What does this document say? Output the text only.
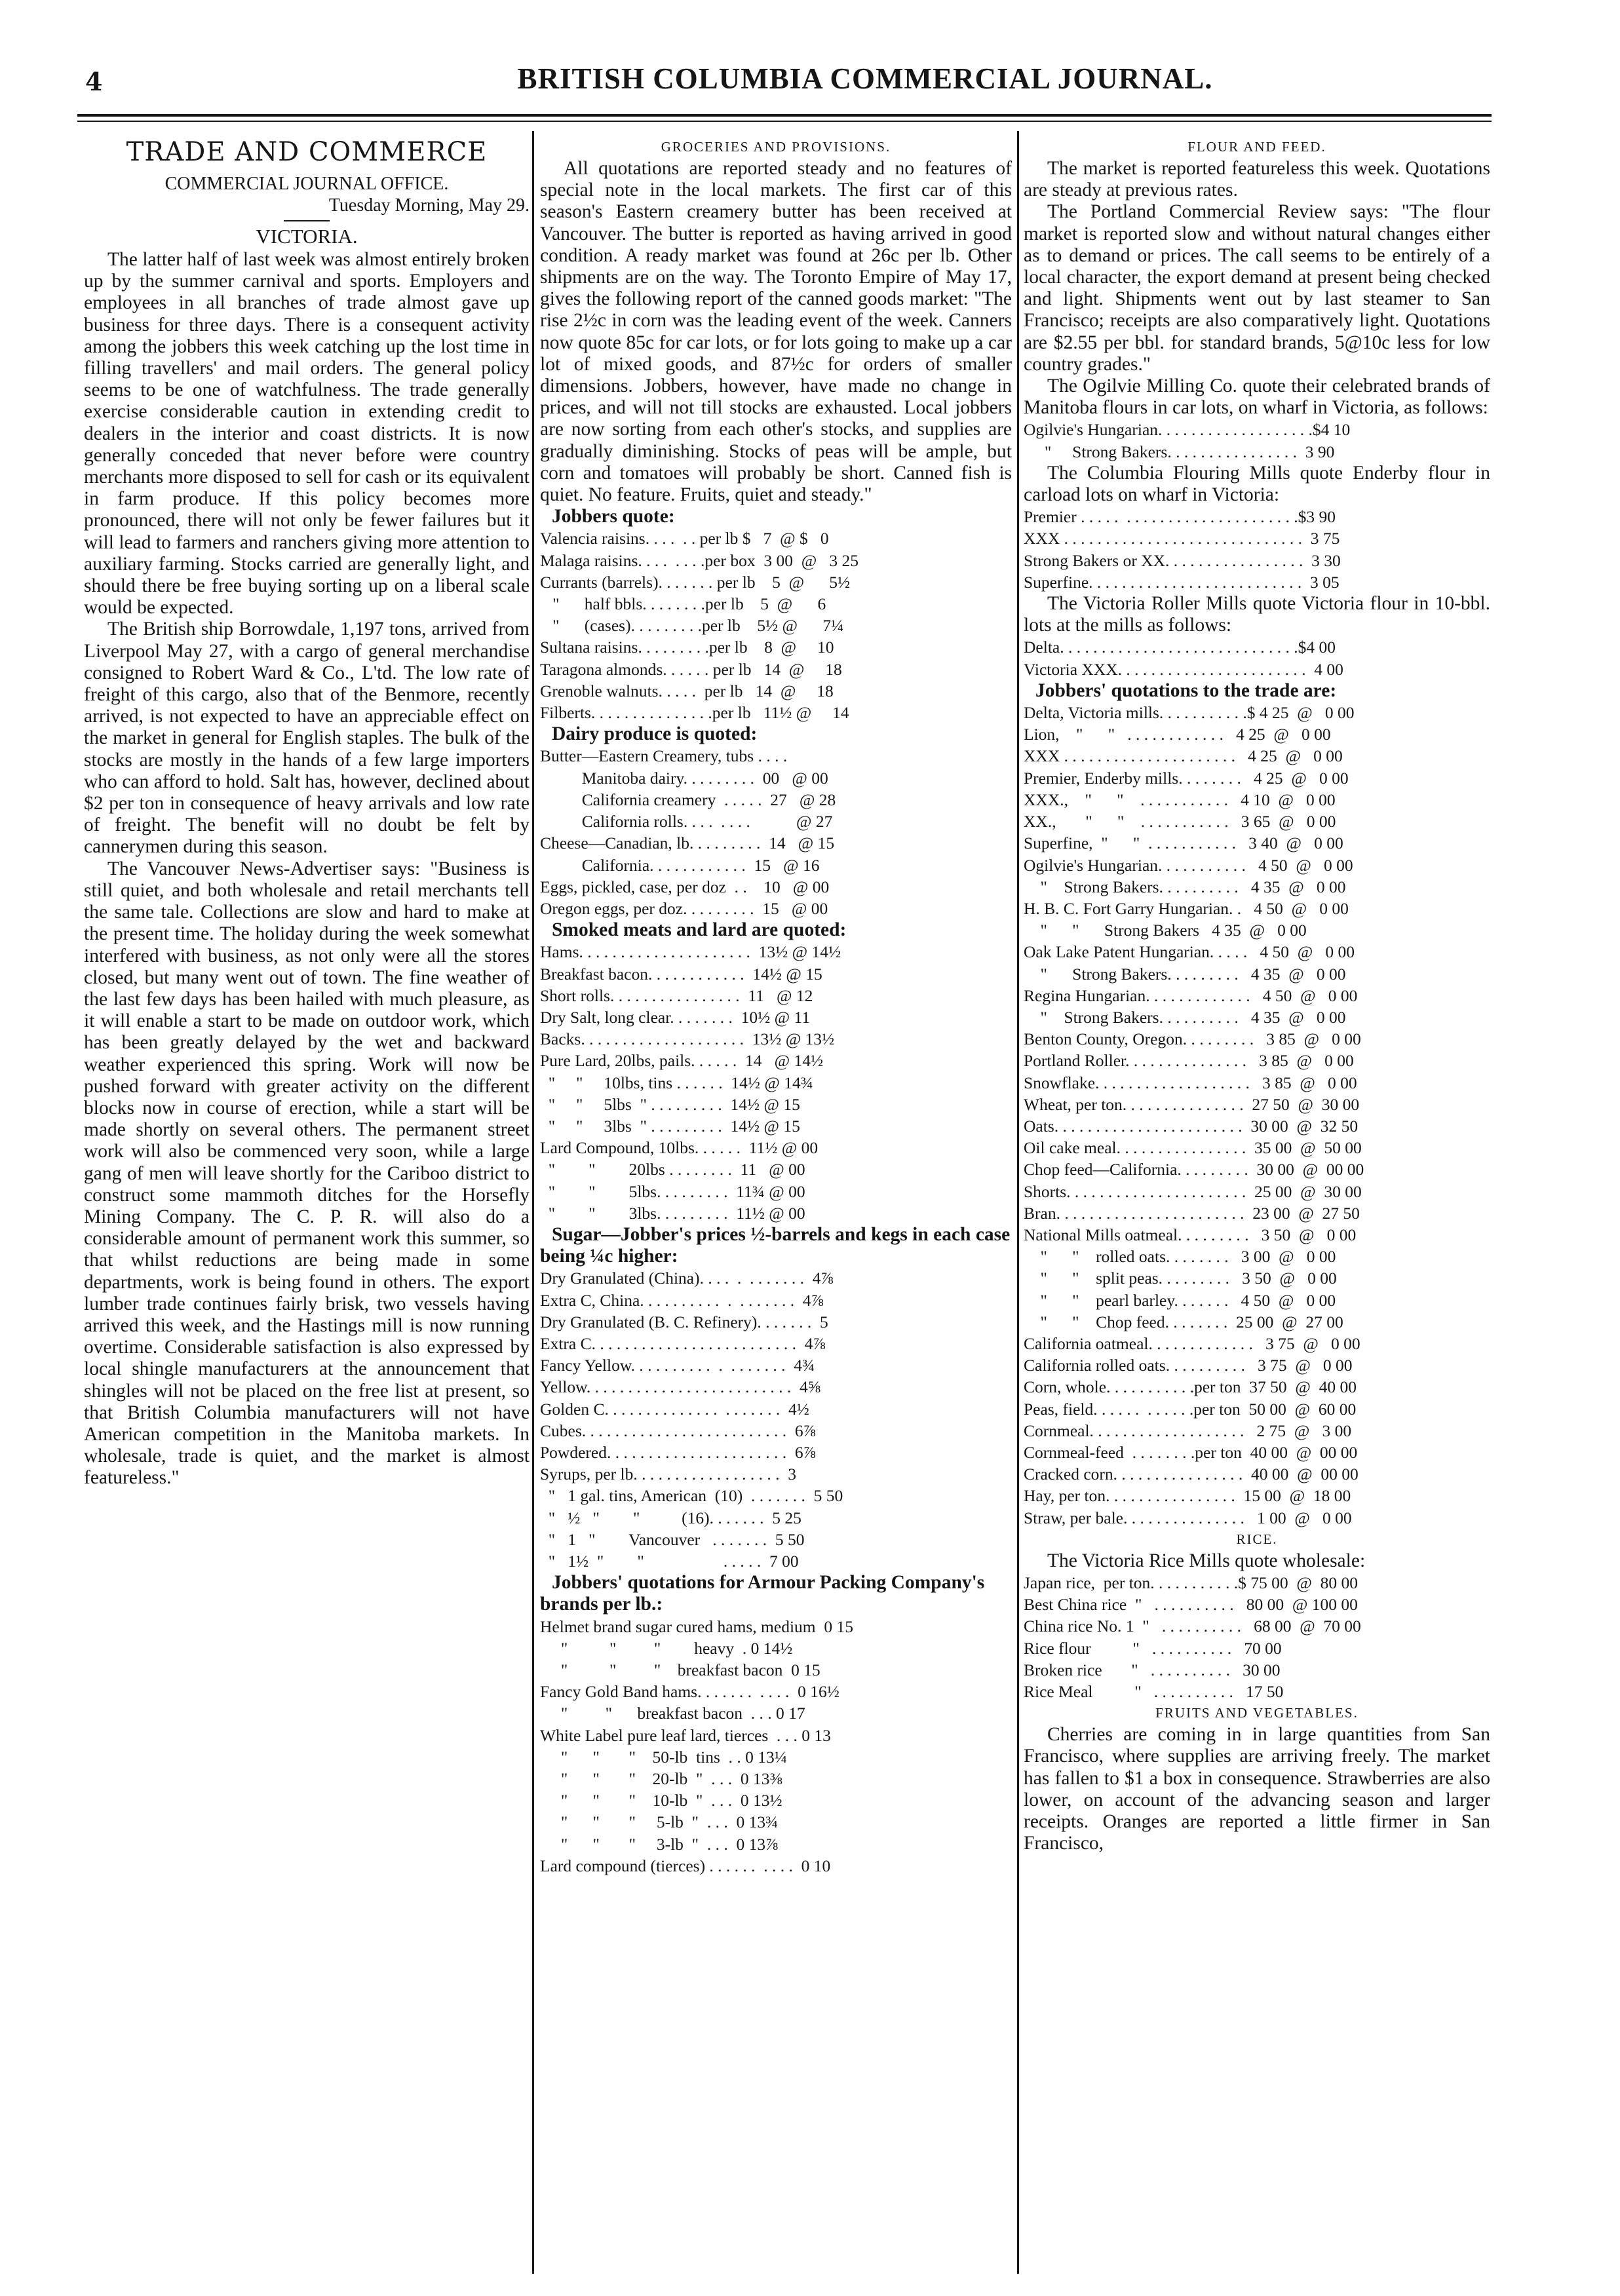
4	BRITISH COLUMBIA COMMERCIAL JOURNAL.
TRADE AND COMMERCE
COMMERCIAL JOURNAL OFFICE.
Tuesday Morning, May 29.
VICTORIA.

The latter half of last week was almost entirely broken up by the summer carnival and sports. Employers and employees in all branches of trade almost gave up business for three days. There is a consequent activity among the jobbers this week catching up the lost time in filling travellers' and mail orders. The general policy seems to be one of watchfulness. The trade generally exercise considerable caution in extending credit to dealers in the interior and coast districts. It is now generally conceded that never before were country merchants more disposed to sell for cash or its equivalent in farm produce. If this policy becomes more pronounced, there will not only be fewer failures but it will lead to farmers and ranchers giving more attention to auxiliary farming. Stocks carried are generally light, and should there be free buying sorting up on a liberal scale would be expected.

The British ship Borrowdale, 1,197 tons, arrived from Liverpool May 27, with a cargo of general merchandise consigned to Robert Ward & Co., L'td. The low rate of freight of this cargo, also that of the Benmore, recently arrived, is not expected to have an appreciable effect on the market in general for English staples. The bulk of the stocks are mostly in the hands of a few large importers who can afford to hold. Salt has, however, declined about $2 per ton in consequence of heavy arrivals and low rate of freight. The benefit will no doubt be felt by cannerymen during this season.

The Vancouver News-Advertiser says: "Business is still quiet, and both wholesale and retail merchants tell the same tale. Collections are slow and hard to make at the present time. The holiday during the week somewhat interfered with business, as not only were all the stores closed, but many went out of town. The fine weather of the last few days has been hailed with much pleasure, as it will enable a start to be made on outdoor work, which has been greatly delayed by the wet and backward weather experienced this spring. Work will now be pushed forward with greater activity on the different blocks now in course of erection, while a start will be made shortly on several others. The permanent street work will also be commenced very soon, while a large gang of men will leave shortly for the Cariboo district to construct some mammoth ditches for the Horsefly Mining Company. The C. P. R. will also do a considerable amount of permanent work this summer, so that whilst reductions are being made in some departments, work is being found in others. The export lumber trade continues fairly brisk, two vessels having arrived this week, and the Hastings mill is now running overtime. Considerable satisfaction is also expressed by local shingle manufacturers at the announcement that shingles will not be placed on the free list at present, so that British Columbia manufacturers will not have American competition in the Manitoba markets. In wholesale, trade is quiet, and the market is almost featureless."

GROCERIES AND PROVISIONS.

All quotations are reported steady and no features of special note in the local markets. The first car of this season's Eastern creamery butter has been received at Vancouver. The butter is reported as having arrived in good condition. A ready market was found at 26c per lb. Other shipments are on the way. The Toronto Empire of May 17, gives the following report of the canned goods market: "The rise 2½c in corn was the leading event of the week. Canners now quote 85c for car lots, or for lots going to make up a car lot of mixed goods, and 87½c for orders of smaller dimensions. Jobbers, however, have made no change in prices, and will not till stocks are exhausted. Local jobbers are now sorting from each other's stocks, and supplies are gradually diminishing. Stocks of peas will be ample, but corn and tomatoes will probably be short. Canned fish is quiet. No feature. Fruits, quiet and steady."

Jobbers quote:

Valencia raisins. . . .  . . per lb $   7  @ $   0
Malaga raisins. . . .  . . . .per box  3 00  @   3 25
Currants (barrels). . . . . . . per lb    5  @      5½
"      half bbls. . . . . . . .per lb    5  @      6
"      (cases). . . . . . . . .per lb    5½ @      7¼
Sultana raisins. . . . . . . . .per lb    8  @     10
Taragona almonds. . . . . . per lb   14  @     18
Grenoble walnuts. . . . .  per lb   14  @     18
Filberts. . . . . . . . . . . . . . .per lb   11½ @     14

Dairy produce is quoted:

Butter—Eastern Creamery, tubs . . . .
Manitoba dairy. . . . . . . . .  00   @ 00
California creamery  . . . . .  27   @ 28
California rolls. . . .  . . . .           @ 27
Cheese—Canadian, lb. . . . . . . . .  14   @ 15
California. . . . . . . . . . . .  15   @ 16
Eggs, pickled, case, per doz  . .    10   @ 00
Oregon eggs, per doz. . . . . . . . .  15   @ 00

Smoked meats and lard are quoted:

Hams. . . . . . . . . . . . . . . . . . . . .  13½ @ 14½
Breakfast bacon. . . . . . . . . . . .  14½ @ 15
Short rolls. . . . . . . . . . . . . . . .  11   @ 12
Dry Salt, long clear. . . . . . . .  10½ @ 11
Backs. . . . . . . . . . . . . . . . . . . .  13½ @ 13½
Pure Lard, 20lbs, pails. . . . . .  14   @ 14½
"     "     10lbs, tins . . . . . .  14½ @ 14¾
"     "     5lbs  " . . . . . . . . .  14½ @ 15
"     "     3lbs  " . . . . . . . . .  14½ @ 15
Lard Compound, 10lbs. . . . . .  11½ @ 00
"        "        20lbs . . . . . . . .  11   @ 00
"        "        5lbs. . . . . . . . .  11¾ @ 00
"        "        3lbs. . . . . . . . .  11½ @ 00

Sugar—Jobber's prices ½-barrels and kegs in each case being ¼c higher:

Dry Granulated (China). . . .  .  . . . . . . .  4⅞
Extra C, China. . . . . . . . . .  .  . . . . . . .  4⅞
Dry Granulated (B. C. Refinery). . . . . . .  5
Extra C. . . . . . . . . . . . . . . . . . . . . . . . .  4⅞
Fancy Yellow. . . . . . . . . .  .  . . . . . . .  4¾
Yellow. . . . . . . . . . . . . . . . . . . . . . . . .  4⅝
Golden C. . . . . . . . . . . . . .  . . . . . . .  4½
Cubes. . . . . . . . . . . . . . . . . . . . . . . . .  6⅞
Powdered. . . . . . . . . . . . . . . . . . . . . .  6⅞
Syrups, per lb. . . . . . . . . . . . . . . . . .  3
"   1 gal. tins, American  (10)  . . . . . . .  5 50
"   ½   "        "          (16). . . . . . .  5 25
"   1   "        Vancouver   . . . . . . .  5 50
"   1½  "        "                   . . . . .  7 00

Jobbers' quotations for Armour Packing Company's brands per lb.:

Helmet brand sugar cured hams, medium  0 15
"          "         "        heavy  . 0 14½
"          "         "    breakfast bacon  0 15
Fancy Gold Band hams. . . . . . .  . . . .  0 16½
"         "      breakfast bacon  . . . 0 17
White Label pure leaf lard, tierces  . . . 0 13
"      "       "    50-lb  tins  . . 0 13¼
"      "       "    20-lb  "  . . .  0 13⅜
"      "       "    10-lb  "  . . .  0 13½
"      "       "     5-lb  "  . . .  0 13¾
"      "       "     3-lb  "  . . .  0 13⅞
Lard compound (tierces) . . . . . .  . . . .  0 10
FLOUR AND FEED.

The market is reported featureless this week. Quotations are steady at previous rates.

The Portland Commercial Review says: "The flour market is reported slow and without natural changes either as to demand or prices. The call seems to be entirely of a local character, the export demand at present being checked and light. Shipments went out by last steamer to San Francisco; receipts are also comparatively light. Quotations are $2.55 per bbl. for standard brands, 5@10c less for low country grades."

The Ogilvie Milling Co. quote their celebrated brands of Manitoba flours in car lots, on wharf in Victoria, as follows:

Ogilvie's Hungarian. . . . . . . . . . . . . . . . . . .$4 10
"     Strong Bakers. . . . . . . . . . . . . . . .  3 90

The Columbia Flouring Mills quote Enderby flour in carload lots on wharf in Victoria:

Premier . . . . .  . . . . . . . . . . . . . . . . . . . . .$3 90
XXX . . . . . . . . . . . . . . . . . . . . . . . . . . . . .  3 75
Strong Bakers or XX. . . . . . . . . . . . . . . . .  3 30
Superfine. . . . . . . . . . . . . . . . . . . . . . . . . .  3 05

The Victoria Roller Mills quote Victoria flour in 10-bbl. lots at the mills as follows:

Delta. . . . . . . . . . . . . . . . . . . . . . . . . . . . .$4 00
Victoria XXX. . . . . . . . . . . . . . . . . . . . . . .  4 00

Jobbers' quotations to the trade are:

Delta, Victoria mills. . . . . . . . . . .$ 4 25  @   0 00
Lion,    "      "   . . . . . . . . . . . .   4 25  @   0 00
XXX . . . . . . . . . . . . . . . . . . . . .   4 25  @   0 00
Premier, Enderby mills. . . . . . . .   4 25  @   0 00
XXX.,    "      "    . . . . . . . . . . .   4 10  @   0 00
XX.,       "      "    . . . . . . . . . . .   3 65  @   0 00
Superfine,  "      "  . . . . . . . . . . .   3 40  @   0 00
Ogilvie's Hungarian. . . . . . . . . . .   4 50  @   0 00
"    Strong Bakers. . . . . . . . . .   4 35  @   0 00
H. B. C. Fort Garry Hungarian. .   4 50  @   0 00
"      "      Strong Bakers   4 35  @   0 00
Oak Lake Patent Hungarian. . . . .   4 50  @   0 00
"      Strong Bakers. . . . . . . . .   4 35  @   0 00
Regina Hungarian. . . . . . . . . . . . .   4 50  @   0 00
"    Strong Bakers. . . . . . . . . .   4 35  @   0 00
Benton County, Oregon. . . . . . . . .   3 85  @   0 00
Portland Roller. . . . . . . . . . . . . . .   3 85  @   0 00
Snowflake. . . . . . . . . . . . . . . . . . .   3 85  @   0 00
Wheat, per ton. . . . . . . . . . . . . . .  27 50  @  30 00
Oats. . . . . . . . . . . . . . . . . . . . . . .  30 00  @  32 50
Oil cake meal. . . . . . . . . . . . . . . .  35 00  @  50 00
Chop feed—California. . . . . . . . .  30 00  @  00 00
Shorts. . . . . . . . . . . . . . . . . . . . . .  25 00  @  30 00
Bran. . . . . . . . . . . . . . . . . . . . . . .  23 00  @  27 50
National Mills oatmeal. . . . . . . . .   3 50  @   0 00
"      "    rolled oats. . . . . . . .   3 00  @   0 00
"      "    split peas. . . . . . . . .   3 50  @   0 00
"      "    pearl barley. . . . . . .   4 50  @   0 00
"      "    Chop feed. . . . . . . .  25 00  @  27 00
California oatmeal. . . . . . . . . . . . .   3 75  @   0 00
California rolled oats. . . . . . . . . .   3 75  @   0 00
Corn, whole. . . . . . . . . . .per ton  37 50  @  40 00
Peas, field. . . . . .  . . . . . .per ton  50 00  @  60 00
Cornmeal. . . . . . . . . . . . . . . . . . .   2 75  @   3 00
Cornmeal-feed  . . . . . . . .per ton  40 00  @  00 00
Cracked corn. . . . . . . . . . . . . . . .  40 00  @  00 00
Hay, per ton. . . . . . . . . . . . . . . .  15 00  @  18 00
Straw, per bale. . . . . . . . . . . . . . .   1 00  @   0 00
RICE.

The Victoria Rice Mills quote wholesale:

Japan rice,  per ton. . . . . . . . . . .$ 75 00  @  80 00
Best China rice  "   . . . . . . . . . .   80 00  @ 100 00
China rice No. 1  "   . . . . . . . . . .   68 00  @  70 00
Rice flour          "   . . . . . . . . . .   70 00
Broken rice       "   . . . . . . . . . .   30 00
Rice Meal          "   . . . . . . . . . .   17 50
FRUITS AND VEGETABLES.

Cherries are coming in in large quantities from San Francisco, where supplies are arriving freely. The market has fallen to $1 a box in consequence. Strawberries are also lower, on account of the advancing season and larger receipts. Oranges are reported a little firmer in San Francisco,
